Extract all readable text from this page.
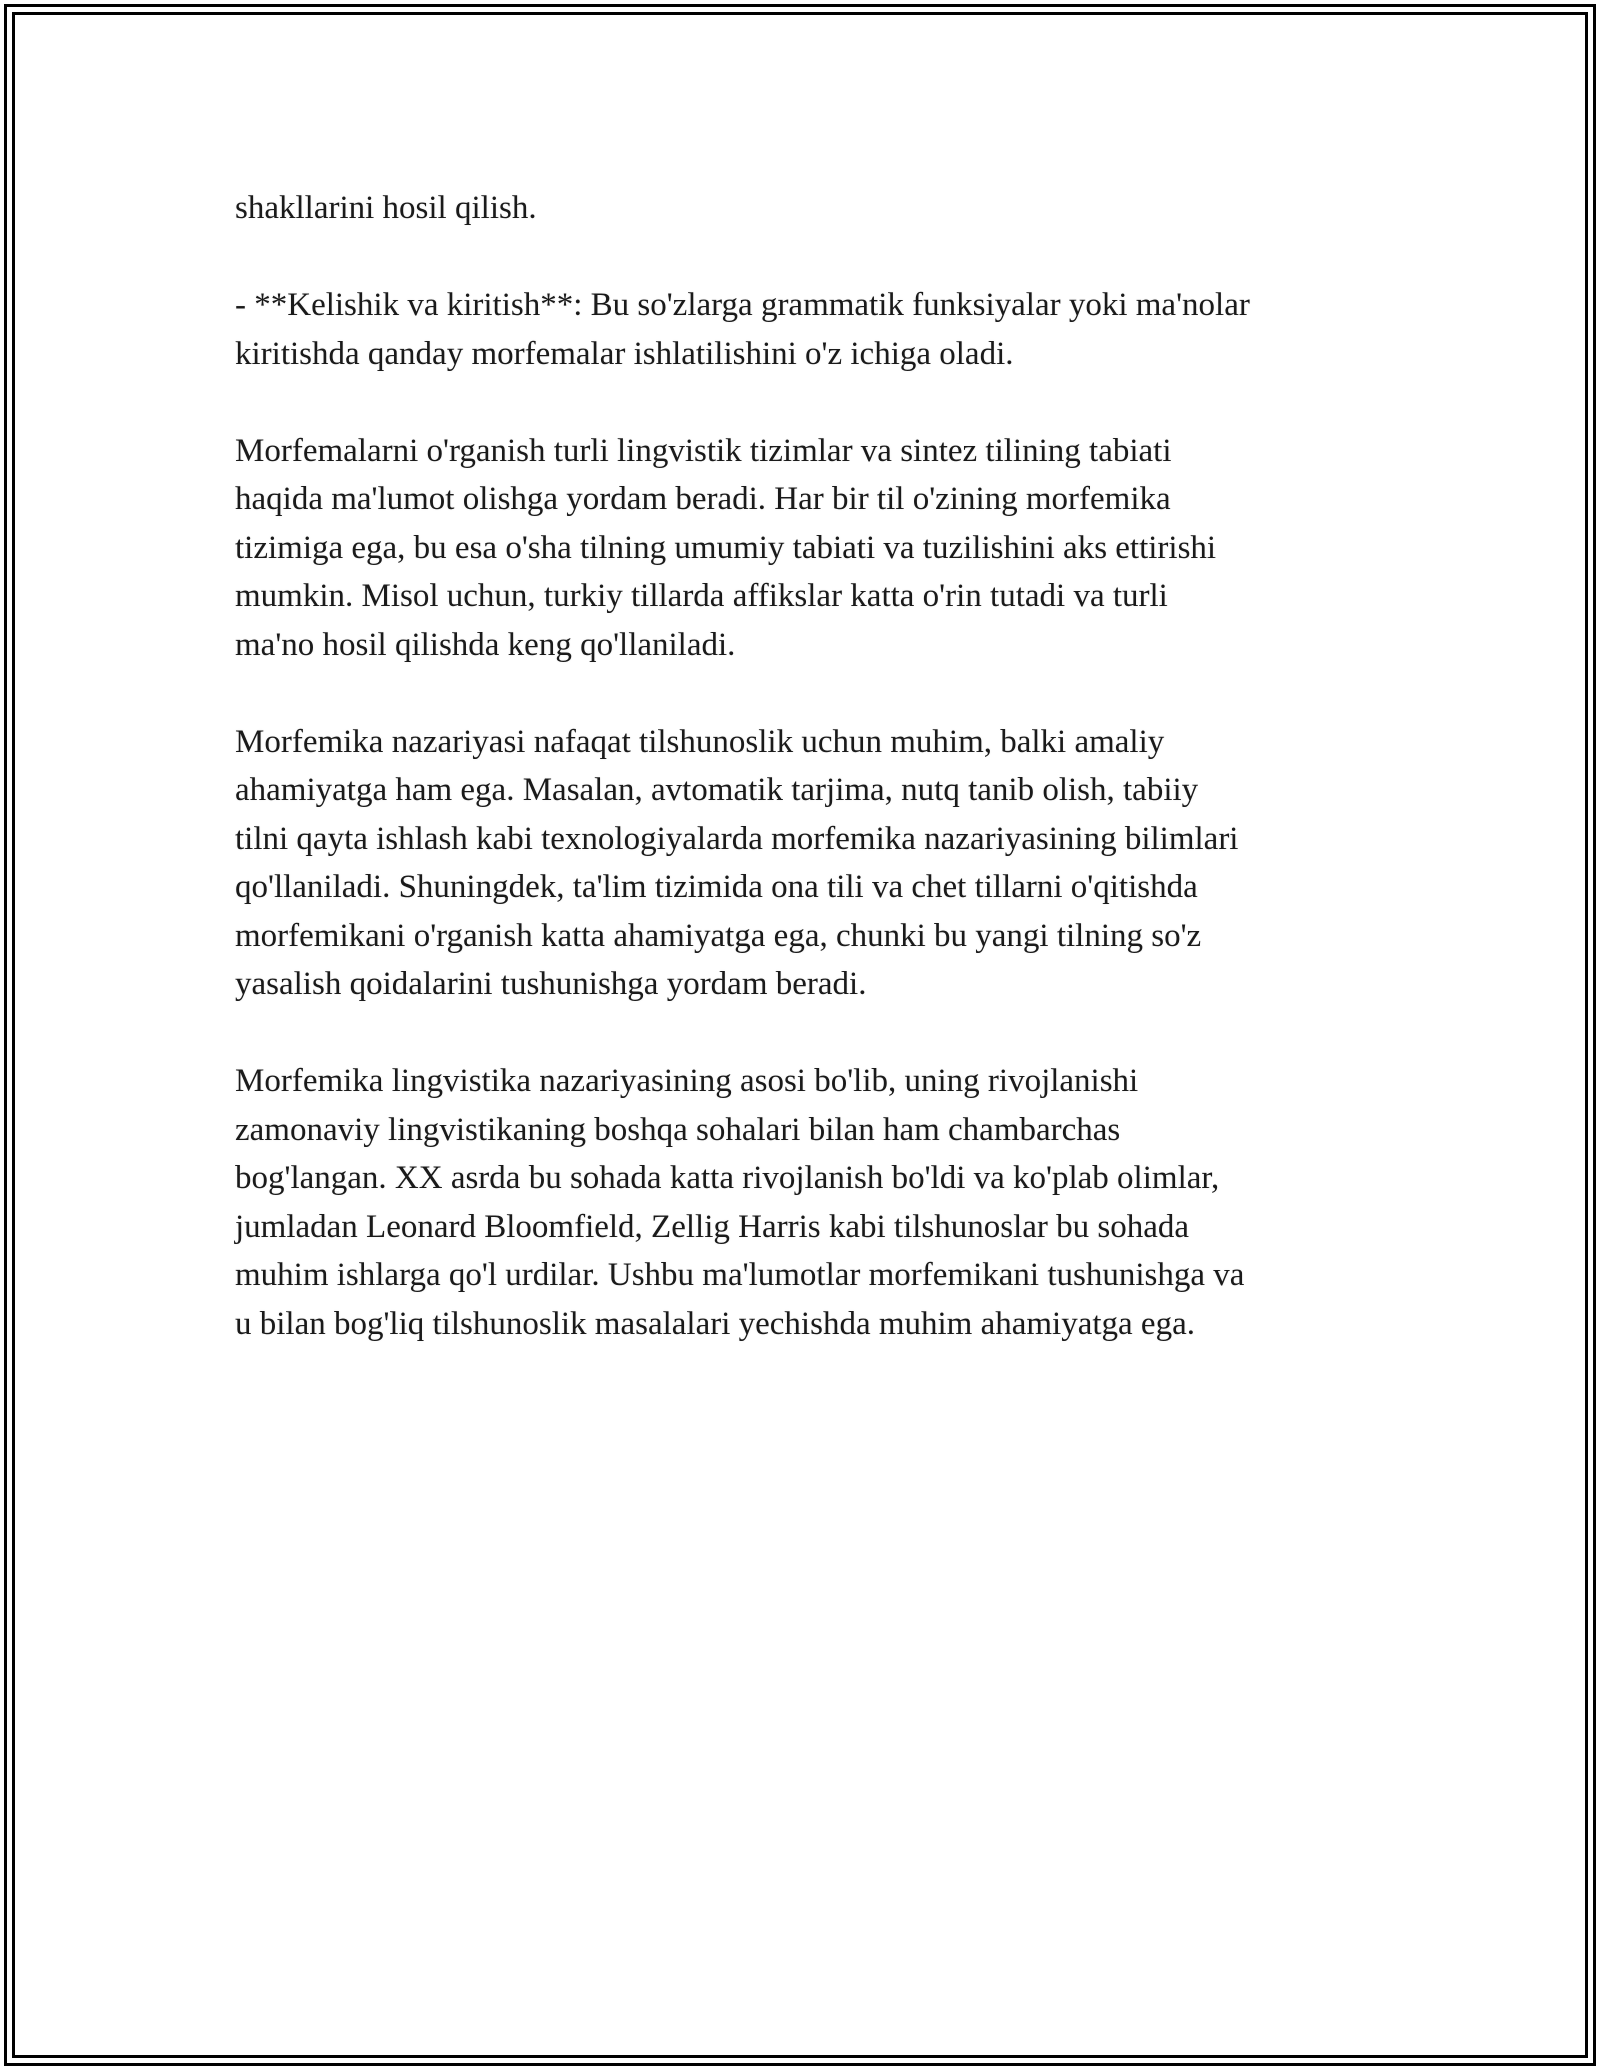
shakllarini hosil qilish.

- **Kelishik va kiritish**: Bu so'zlarga grammatik funksiyalar yoki ma'nolar
kiritishda qanday morfemalar ishlatilishini o'z ichiga oladi.

Morfemalarni o'rganish turli lingvistik tizimlar va sintez tilining tabiati
haqida ma'lumot olishga yordam beradi. Har bir til o'zining morfemika
tizimiga ega, bu esa o'sha tilning umumiy tabiati va tuzilishini aks ettirishi
mumkin. Misol uchun, turkiy tillarda affikslar katta o'rin tutadi va turli
ma'no hosil qilishda keng qo'llaniladi.

Morfemika nazariyasi nafaqat tilshunoslik uchun muhim, balki amaliy
ahamiyatga ham ega. Masalan, avtomatik tarjima, nutq tanib olish, tabiiy
tilni qayta ishlash kabi texnologiyalarda morfemika nazariyasining bilimlari
qo'llaniladi. Shuningdek, ta'lim tizimida ona tili va chet tillarni o'qitishda
morfemikani o'rganish katta ahamiyatga ega, chunki bu yangi tilning so'z
yasalish qoidalarini tushunishga yordam beradi.

Morfemika lingvistika nazariyasining asosi bo'lib, uning rivojlanishi
zamonaviy lingvistikaning boshqa sohalari bilan ham chambarchas
bog'langan. XX asrda bu sohada katta rivojlanish bo'ldi va ko'plab olimlar,
jumladan Leonard Bloomfield, Zellig Harris kabi tilshunoslar bu sohada
muhim ishlarga qo'l urdilar. Ushbu ma'lumotlar morfemikani tushunishga va
u bilan bog'liq tilshunoslik masalalari yechishda muhim ahamiyatga ega.
